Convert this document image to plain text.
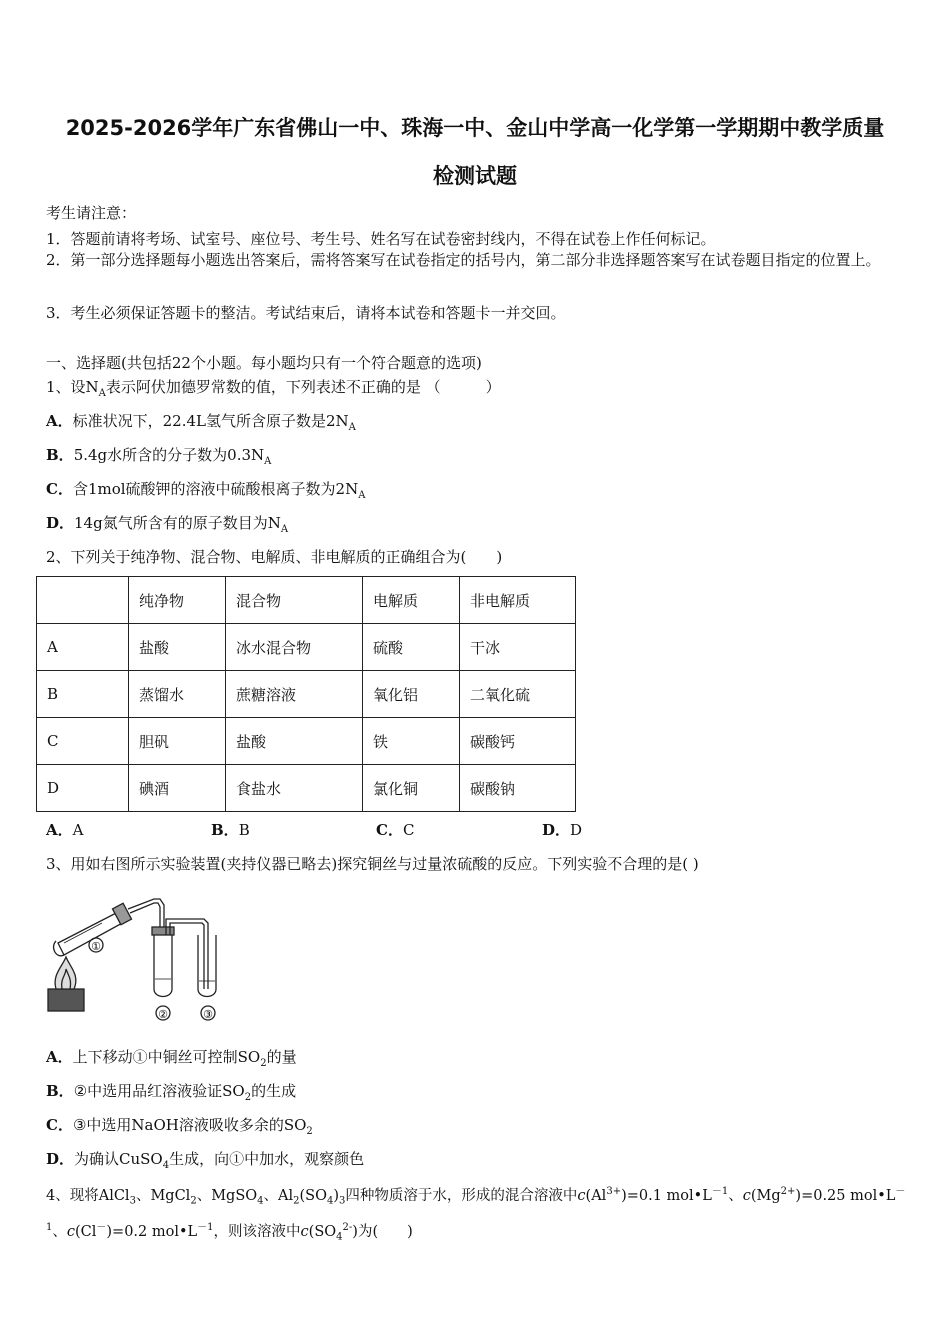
2025-2026学年广东省佛山一中、珠海一中、金山中学高一化学第一学期期中教学质量
检测试题
考生请注意：
1．答题前请将考场、试室号、座位号、考生号、姓名写在试卷密封线内，不得在试卷上作任何标记。
2．第一部分选择题每小题选出答案后，需将答案写在试卷指定的括号内，第二部分非选择题答案写在试卷题目指定的位置上。
3．考生必须保证答题卡的整洁。考试结束后，请将本试卷和答题卡一并交回。
一、选择题(共包括22个小题。每小题均只有一个符合题意的选项)
1、设$N_A$表示阿伏加德罗常数的值，下列表述不正确的是 （　　　）
A．标准状况下，22.4L氢气所含原子数是$2N_A$
B．5.4g水所含的分子数为$0.3N_A$
C．含1mol硫酸钾的溶液中硫酸根离子数为$2N_A$
D．14g氮气所含有的原子数目为$N_A$
2、下列关于纯净物、混合物、电解质、非电解质的正确组合为(　　)
	纯净物	混合物	电解质	非电解质
A	盐酸	冰水混合物	硫酸	干冰
B	蒸馏水	蔗糖溶液	氧化铝	二氧化硫
C	胆矾	盐酸	铁	碳酸钙
D	碘酒	食盐水	氯化铜	碳酸钠
A．A	B．B	C．C	D．D
3、用如右图所示实验装置(夹持仪器已略去)探究铜丝与过量浓硫酸的反应。下列实验不合理的是( )
①
②	③
A．上下移动①中铜丝可控制$SO_2$的量
B．②中选用品红溶液验证$SO_2$的生成
C．③中选用NaOH溶液吸收多余的$SO_2$
D．为确认CuSO$_4$生成，向①中加水，观察颜色
4、现将AlCl$_3$、MgCl$_2$、MgSO$_4$、$Al_2(SO_4)_3$四种物质溶于水，形成的混合溶液中$c(Al^{3+})=0.1$ $mol•L^{-1}$、$c(Mg^{2+})=0.25$ mol•L－
$^1$、c(Cl－)=0.2 $mol•L^{-1}$，则该溶液中$c(SO_4^{2-})$为(　　)
